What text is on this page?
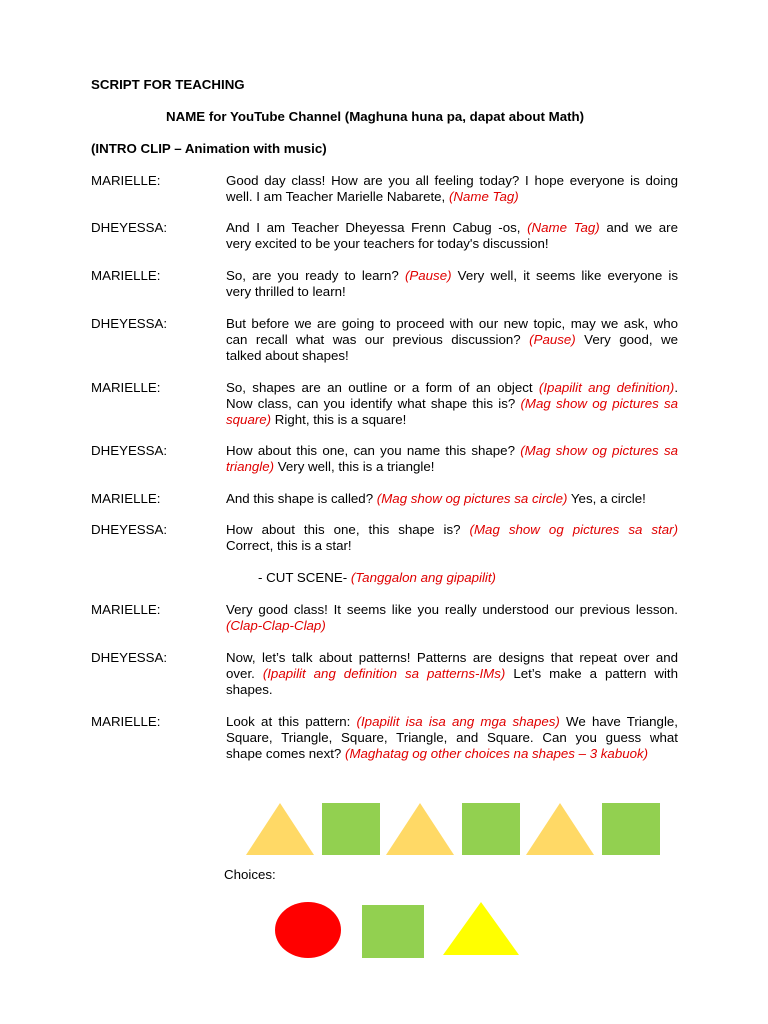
SCRIPT FOR TEACHING
NAME for YouTube Channel (Maghuna huna pa, dapat about Math)
(INTRO CLIP – Animation with music)
MARIELLE:	Good day class! How are you all feeling today? I hope everyone is doing
well. I am Teacher Marielle Nabarete, (Name Tag)
DHEYESSA:	And I am Teacher Dheyessa Frenn Cabug -os, (Name Tag) and we are
very excited to be your teachers for today's discussion!
MARIELLE:	So, are you ready to learn? (Pause) Very well, it seems like everyone is
very thrilled to learn!
DHEYESSA:	But before we are going to proceed with our new topic, may we ask, who
can recall what was our previous discussion? (Pause) Very good, we
talked about shapes!
MARIELLE:	So, shapes are an outline or a form of an object (Ipapilit ang definition).
Now class, can you identify what shape this is? (Mag show og pictures sa
square) Right, this is a square!
DHEYESSA:	How about this one, can you name this shape? (Mag show og pictures sa
triangle) Very well, this is a triangle!
MARIELLE:	And this shape is called? (Mag show og pictures sa circle) Yes, a circle!
DHEYESSA:	How about this one, this shape is? (Mag show og pictures sa star)
Correct, this is a star!
- CUT SCENE- (Tanggalon ang gipapilit)
MARIELLE:	Very good class! It seems like you really understood our previous lesson.
(Clap-Clap-Clap)
DHEYESSA:	Now, let’s talk about patterns! Patterns are designs that repeat over and
over. (Ipapilit ang definition sa patterns-IMs) Let’s make a pattern with
shapes.
MARIELLE:	Look at this pattern: (Ipapilit isa isa ang mga shapes) We have Triangle,
Square, Triangle, Square, Triangle, and Square. Can you guess what
shape comes next? (Maghatag og other choices na shapes – 3 kabuok)
Choices:
